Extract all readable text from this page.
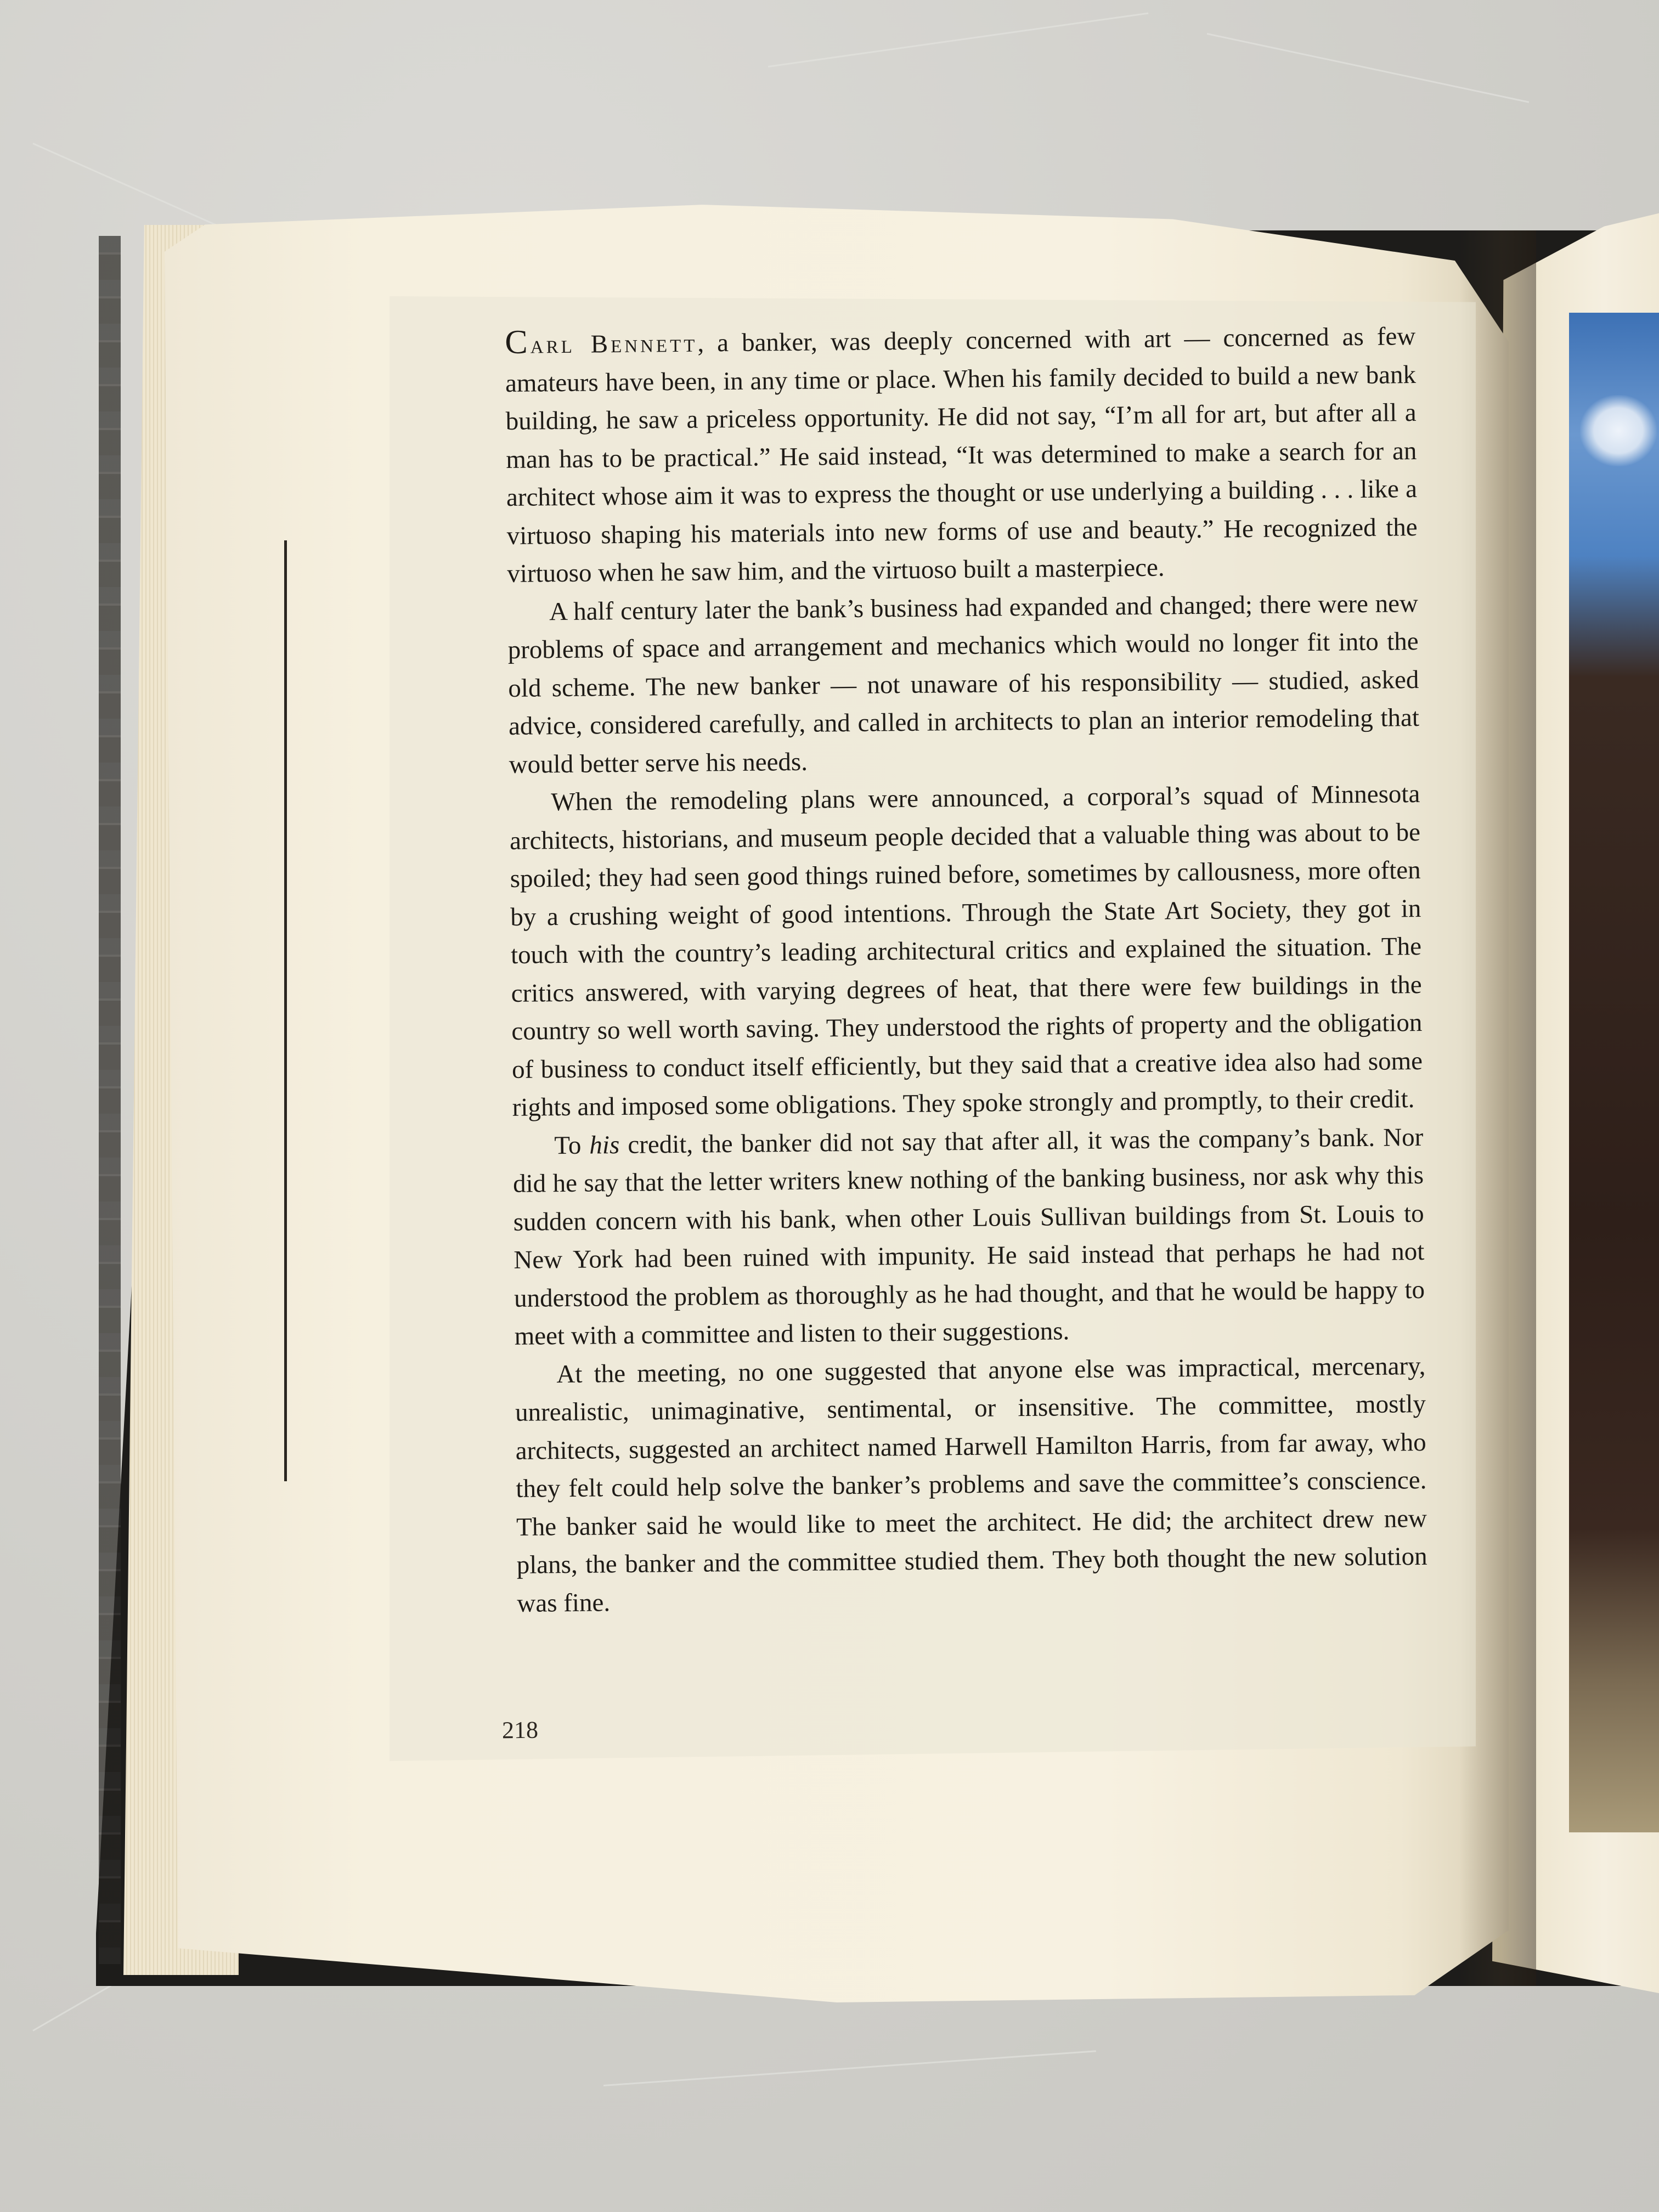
Carl Bennett, a banker, was deeply concerned with art — concerned as few amateurs have been, in any time or place. When his family decided to build a new bank building, he saw a priceless opportunity. He did not say, “I’m all for art, but after all a man has to be practical.” He said instead, “It was determined to make a search for an architect whose aim it was to express the thought or use underlying a building . . . like a virtuoso shaping his materials into new forms of use and beauty.” He recognized the virtuoso when he saw him, and the virtuoso built a masterpiece.

A half century later the bank’s business had expanded and changed; there were new problems of space and arrangement and mechanics which would no longer fit into the old scheme. The new banker — not unaware of his responsibility — studied, asked advice, considered carefully, and called in architects to plan an interior remodeling that would better serve his needs.

When the remodeling plans were announced, a corporal’s squad of Minnesota architects, historians, and museum people decided that a valuable thing was about to be spoiled; they had seen good things ruined before, sometimes by callousness, more often by a crushing weight of good intentions. Through the State Art Society, they got in touch with the country’s leading architectural critics and explained the situation. The critics answered, with varying degrees of heat, that there were few buildings in the country so well worth saving. They understood the rights of property and the obligation of business to conduct itself efficiently, but they said that a creative idea also had some rights and imposed some obligations. They spoke strongly and promptly, to their credit.

To his credit, the banker did not say that after all, it was the company’s bank. Nor did he say that the letter writers knew nothing of the banking business, nor ask why this sudden concern with his bank, when other Louis Sullivan buildings from St. Louis to New York had been ruined with impunity. He said instead that perhaps he had not understood the problem as thoroughly as he had thought, and that he would be happy to meet with a committee and listen to their suggestions.

At the meeting, no one suggested that anyone else was impractical, mercenary, unrealistic, unimaginative, sentimental, or insensitive. The committee, mostly architects, suggested an architect named Harwell Hamilton Harris, from far away, who they felt could help solve the banker’s problems and save the committee’s conscience. The banker said he would like to meet the architect. He did; the architect drew new plans, the banker and the committee studied them. They both thought the new solution was fine.

218
